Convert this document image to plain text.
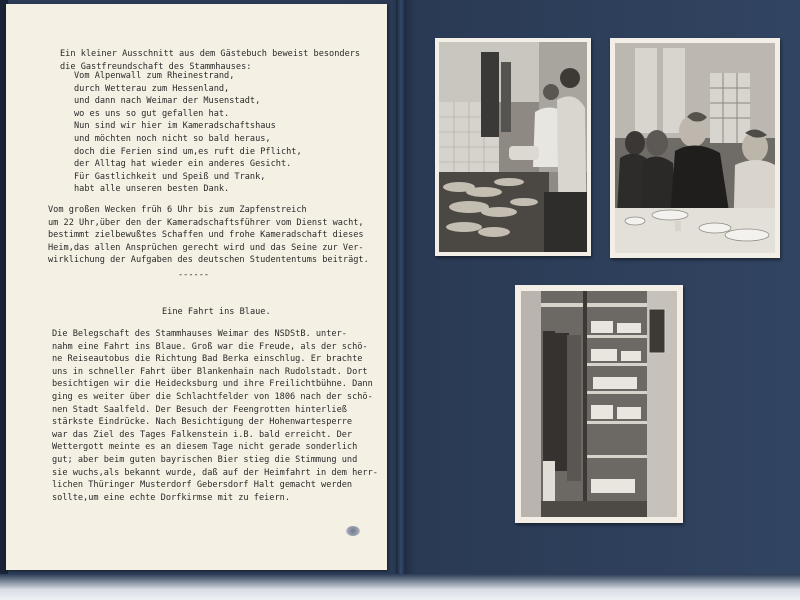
Ein kleiner Ausschnitt aus dem Gästebuch beweist besonders
die Gastfreundschaft des Stammhauses:

Vom Alpenwall zum Rheinestrand,
durch Wetterau zum Hessenland,
und dann nach Weimar der Musenstadt,
wo es uns so gut gefallen hat.
Nun sind wir hier im Kameradschaftshaus
und möchten noch nicht so bald heraus,
doch die Ferien sind um,es ruft die Pflicht,
der Alltag hat wieder ein anderes Gesicht.
Für Gastlichkeit und Speiß und Trank,
habt alle unseren besten Dank.

Vom großen Wecken früh 6 Uhr bis zum Zapfenstreich
um 22 Uhr,über den der Kameradschaftsführer vom Dienst wacht,
bestimmt zielbewußtes Schaffen und frohe Kameradschaft dieses
Heim,das allen Ansprüchen gerecht wird und das Seine zur Ver-
wirklichung der Aufgaben des deutschen Studententums beiträgt.

------

Eine Fahrt ins Blaue.

Die Belegschaft des Stammhauses Weimar des NSDStB. unter-
nahm eine Fahrt ins Blaue. Groß war die Freude, als der schö-
ne Reiseautobus die Richtung Bad Berka einschlug. Er brachte
uns in schneller Fahrt über Blankenhain nach Rudolstadt. Dort
besichtigen wir die Heidecksburg und ihre Freilichtbühne. Dann
ging es weiter über die Schlachtfelder von 1806 nach der schö-
nen Stadt Saalfeld. Der Besuch der Feengrotten hinterließ
stärkste Eindrücke. Nach Besichtigung der Hohenwartesperre
war das Ziel des Tages Falkenstein i.B. bald erreicht. Der
Wettergott meinte es an diesem Tage nicht gerade sonderlich
gut; aber beim guten bayrischen Bier stieg die Stimmung und
sie wuchs,als bekannt wurde, daß auf der Heimfahrt in dem herr-
lichen Thüringer Musterdorf Gebersdorf Halt gemacht werden
sollte,um eine echte Dorfkirmse mit zu feiern.
